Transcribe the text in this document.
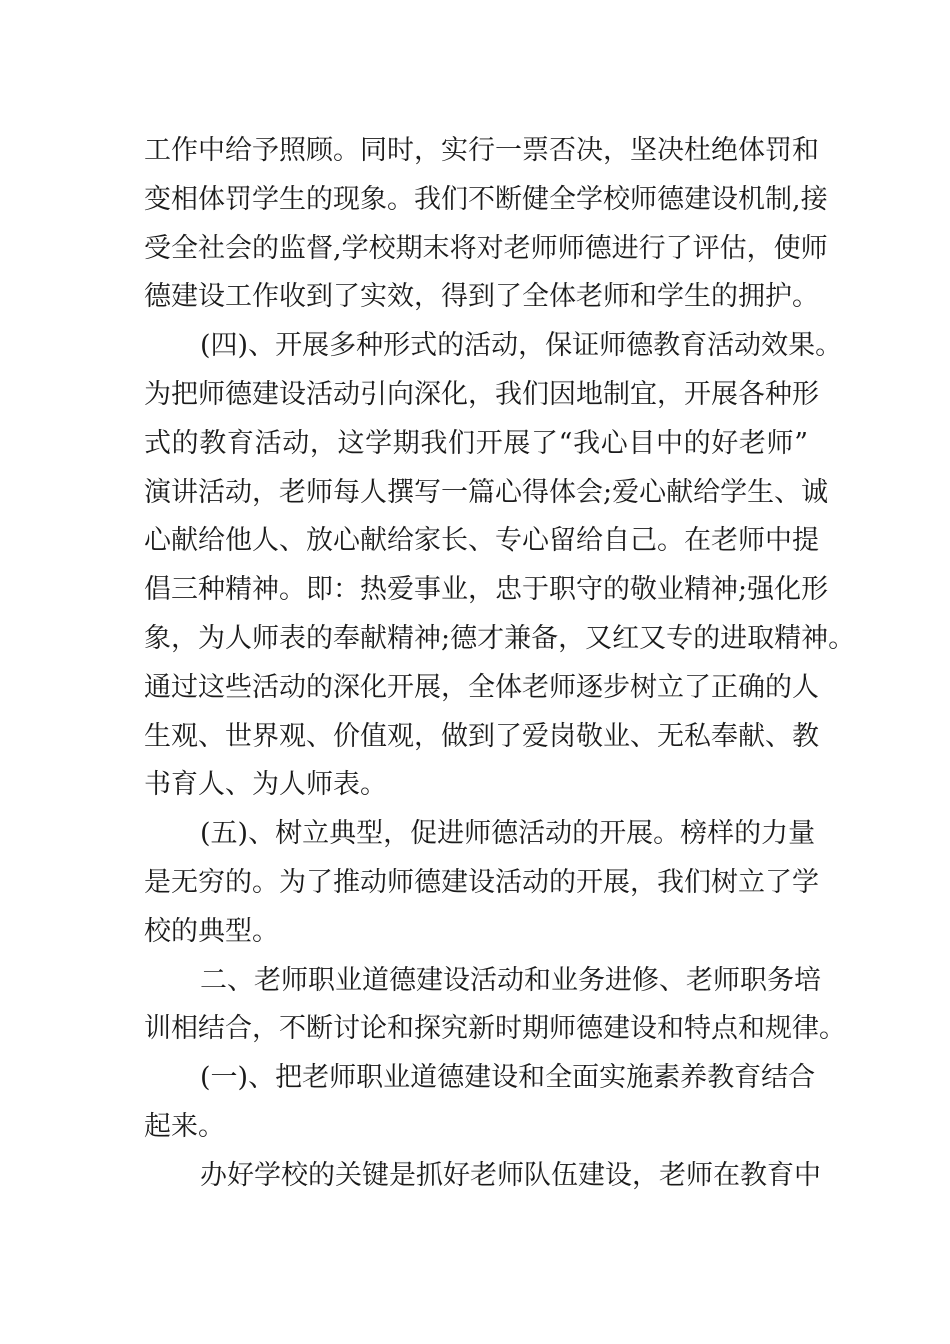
工作中给予照顾。同时，实行一票否决，坚决杜绝体罚和
变相体罚学生的现象。我们不断健全学校师德建设机制,接
受全社会的监督,学校期末将对老师师德进行了评估，使师
德建设工作收到了实效，得到了全体老师和学生的拥护。
(四)、开展多种形式的活动，保证师德教育活动效果。
为把师德建设活动引向深化，我们因地制宜，开展各种形
式的教育活动，这学期我们开展了“我心目中的好老师”
演讲活动，老师每人撰写一篇心得体会;爱心献给学生、诚
心献给他人、放心献给家长、专心留给自己。在老师中提
倡三种精神。即：热爱事业，忠于职守的敬业精神;强化形
象，为人师表的奉献精神;德才兼备，又红又专的进取精神。
通过这些活动的深化开展，全体老师逐步树立了正确的人
生观、世界观、价值观，做到了爱岗敬业、无私奉献、教
书育人、为人师表。
(五)、树立典型，促进师德活动的开展。榜样的力量
是无穷的。为了推动师德建设活动的开展，我们树立了学
校的典型。
二、老师职业道德建设活动和业务进修、老师职务培
训相结合，不断讨论和探究新时期师德建设和特点和规律。
(一)、把老师职业道德建设和全面实施素养教育结合
起来。
办好学校的关键是抓好老师队伍建设，老师在教育中
